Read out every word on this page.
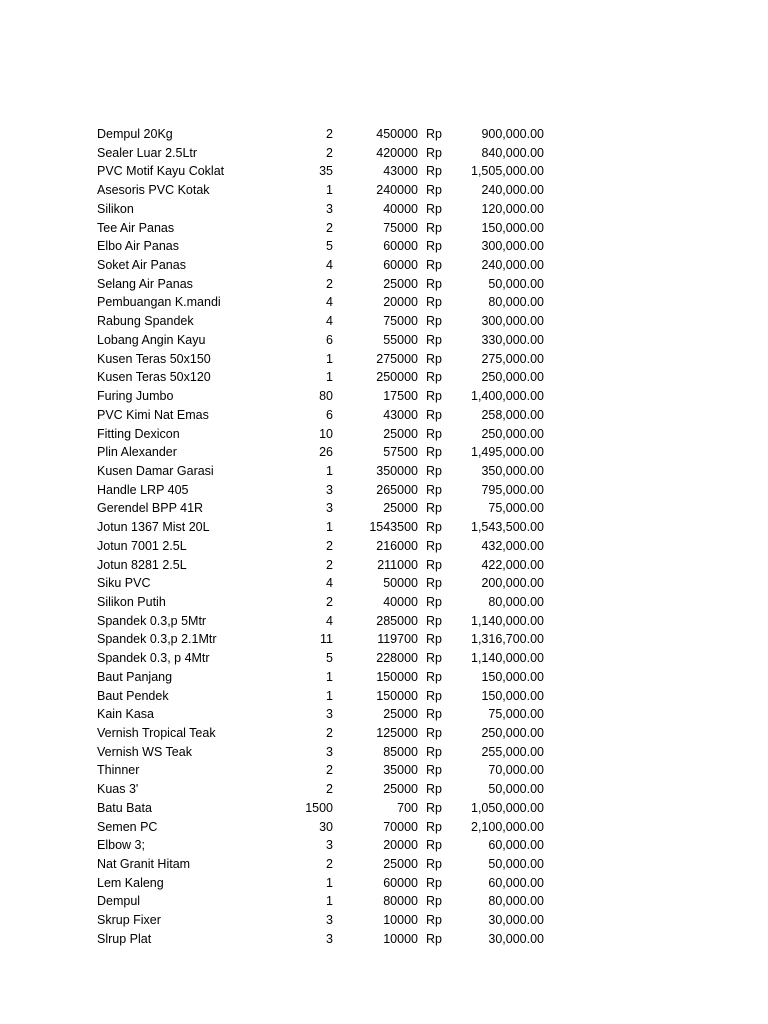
Dempul 20Kg	2	450000 Rp	900,000.00
Sealer Luar 2.5Ltr	2	420000 Rp	840,000.00
PVC Motif Kayu Coklat	35	43000 Rp 1,505,000.00
Asesoris PVC Kotak	1	240000 Rp	240,000.00
Silikon	3	40000 Rp	120,000.00
Tee Air Panas	2	75000 Rp	150,000.00
Elbo Air Panas	5	60000 Rp	300,000.00
Soket Air Panas	4	60000 Rp	240,000.00
Selang Air Panas	2	25000 Rp	50,000.00
Pembuangan K.mandi	4	20000 Rp	80,000.00
Rabung Spandek	4	75000 Rp	300,000.00
Lobang Angin Kayu	6	55000 Rp	330,000.00
Kusen Teras 50x150	1	275000 Rp	275,000.00
Kusen Teras 50x120	1	250000 Rp	250,000.00
Furing Jumbo	80	17500 Rp 1,400,000.00
PVC Kimi Nat Emas	6	43000 Rp	258,000.00
Fitting Dexicon	10	25000 Rp	250,000.00
Plin Alexander	26	57500 Rp 1,495,000.00
Kusen Damar Garasi	1	350000 Rp	350,000.00
Handle LRP 405	3	265000 Rp	795,000.00
Gerendel BPP 41R	3	25000 Rp	75,000.00
Jotun 1367 Mist 20L	1	1543500 Rp 1,543,500.00
Jotun 7001 2.5L	2	216000 Rp	432,000.00
Jotun 8281 2.5L	2	211000 Rp	422,000.00
Siku PVC	4	50000 Rp	200,000.00
Silikon Putih	2	40000 Rp	80,000.00
Spandek 0.3,p 5Mtr	4	285000 Rp 1,140,000.00
Spandek 0.3,p 2.1Mtr	11	119700 Rp 1,316,700.00
Spandek 0.3, p 4Mtr	5	228000 Rp 1,140,000.00
Baut Panjang	1	150000 Rp	150,000.00
Baut Pendek	1	150000 Rp	150,000.00
Kain Kasa	3	25000 Rp	75,000.00
Vernish Tropical Teak	2	125000 Rp	250,000.00
Vernish WS Teak	3	85000 Rp	255,000.00
Thinner	2	35000 Rp	70,000.00
Kuas 3'	2	25000 Rp	50,000.00
Batu Bata	1500	700 Rp 1,050,000.00
Semen PC	30	70000 Rp 2,100,000.00
Elbow 3;	3	20000 Rp	60,000.00
Nat Granit Hitam	2	25000 Rp	50,000.00
Lem Kaleng	1	60000 Rp	60,000.00
Dempul	1	80000 Rp	80,000.00
Skrup Fixer	3	10000 Rp	30,000.00
Slrup Plat	3	10000 Rp	30,000.00
